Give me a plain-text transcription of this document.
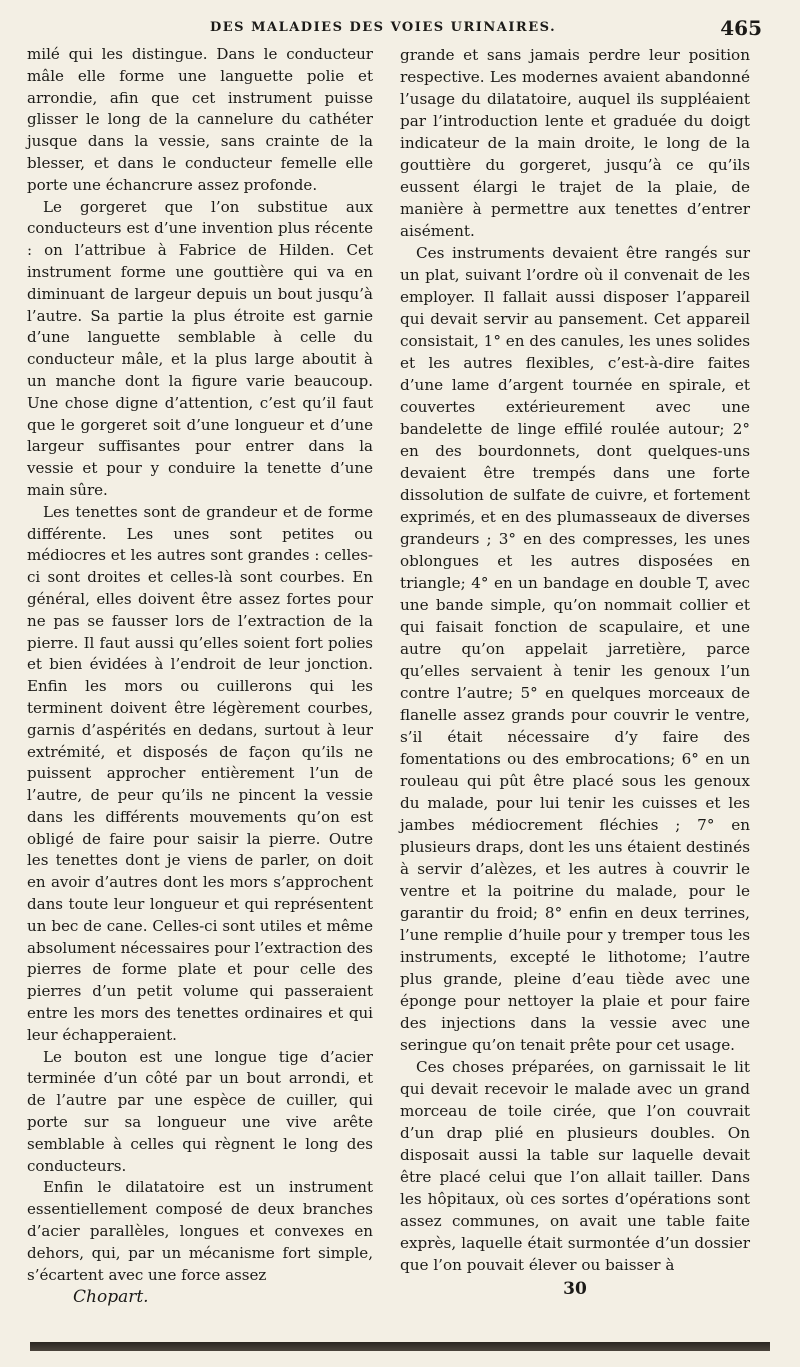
DES MALADIES DES VOIES URINAIRES.	465

milé qui les distingue. Dans le conducteur mâle elle forme une languette polie et arrondie, afin que cet instrument puisse glisser le long de la cannelure du cathéter jusque dans la vessie, sans crainte de la blesser, et dans le conducteur femelle elle porte une échancrure assez profonde.

Le gorgeret que l’on substitue aux conducteurs est d’une invention plus récente : on l’attribue à Fabrice de Hilden. Cet instrument forme une gouttière qui va en diminuant de largeur depuis un bout jusqu’à l’autre. Sa partie la plus étroite est garnie d’une languette semblable à celle du conducteur mâle, et la plus large aboutit à un manche dont la figure varie beaucoup. Une chose digne d’attention, c’est qu’il faut que le gorgeret soit d’une longueur et d’une largeur suffisantes pour entrer dans la vessie et pour y conduire la tenette d’une main sûre.

Les tenettes sont de grandeur et de forme différente. Les unes sont petites ou médiocres et les autres sont grandes : celles-ci sont droites et celles-là sont courbes. En général, elles doivent être assez fortes pour ne pas se fausser lors de l’extraction de la pierre. Il faut aussi qu’elles soient fort polies et bien évidées à l’endroit de leur jonction. Enfin les mors ou cuillerons qui les terminent doivent être légèrement courbes, garnis d’aspérités en dedans, surtout à leur extrémité, et disposés de façon qu’ils ne puissent approcher entièrement l’un de l’autre, de peur qu’ils ne pincent la vessie dans les différents mouvements qu’on est obligé de faire pour saisir la pierre. Outre les tenettes dont je viens de parler, on doit en avoir d’autres dont les mors s’approchent dans toute leur longueur et qui représentent un bec de cane. Celles-ci sont utiles et même absolument nécessaires pour l’extraction des pierres de forme plate et pour celle des pierres d’un petit volume qui passeraient entre les mors des tenettes ordinaires et qui leur échapperaient.

Le bouton est une longue tige d’acier terminée d’un côté par un bout arrondi, et de l’autre par une espèce de cuiller, qui porte sur sa longueur une vive arête semblable à celles qui règnent le long des conducteurs.

Enfin le dilatatoire est un instrument essentiellement composé de deux branches d’acier parallèles, longues et convexes en dehors, qui, par un mécanisme fort simple, s’écartent avec une force assez

Chopart.

grande et sans jamais perdre leur position respective. Les modernes avaient abandonné l’usage du dilatatoire, auquel ils suppléaient par l’introduction lente et graduée du doigt indicateur de la main droite, le long de la gouttière du gorgeret, jusqu’à ce qu’ils eussent élargi le trajet de la plaie, de manière à permettre aux tenettes d’entrer aisément.

Ces instruments devaient être rangés sur un plat, suivant l’ordre où il convenait de les employer. Il fallait aussi disposer l’appareil qui devait servir au pansement. Cet appareil consistait, 1° en des canules, les unes solides et les autres flexibles, c’est-à-dire faites d’une lame d’argent tournée en spirale, et couvertes extérieurement avec une bandelette de linge effilé roulée autour; 2° en des bourdonnets, dont quelques-uns devaient être trempés dans une forte dissolution de sulfate de cuivre, et fortement exprimés, et en des plumasseaux de diverses grandeurs ; 3° en des compresses, les unes oblongues et les autres disposées en triangle; 4° en un bandage en double T, avec une bande simple, qu’on nommait collier et qui faisait fonction de scapulaire, et une autre qu’on appelait jarretière, parce qu’elles servaient à tenir les genoux l’un contre l’autre; 5° en quelques morceaux de flanelle assez grands pour couvrir le ventre, s’il était nécessaire d’y faire des fomentations ou des embrocations; 6° en un rouleau qui pût être placé sous les genoux du malade, pour lui tenir les cuisses et les jambes médiocrement fléchies ; 7° en plusieurs draps, dont les uns étaient destinés à servir d’alèzes, et les autres à couvrir le ventre et la poitrine du malade, pour le garantir du froid; 8° enfin en deux terrines, l’une remplie d’huile pour y tremper tous les instruments, excepté le lithotome; l’autre plus grande, pleine d’eau tiède avec une éponge pour nettoyer la plaie et pour faire des injections dans la vessie avec une seringue qu’on tenait prête pour cet usage.

Ces choses préparées, on garnissait le lit qui devait recevoir le malade avec un grand morceau de toile cirée, que l’on couvrait d’un drap plié en plusieurs doubles. On disposait aussi la table sur laquelle devait être placé celui que l’on allait tailler. Dans les hôpitaux, où ces sortes d’opérations sont assez communes, on avait une table faite exprès, laquelle était surmontée d’un dossier que l’on pouvait élever ou baisser à

30
